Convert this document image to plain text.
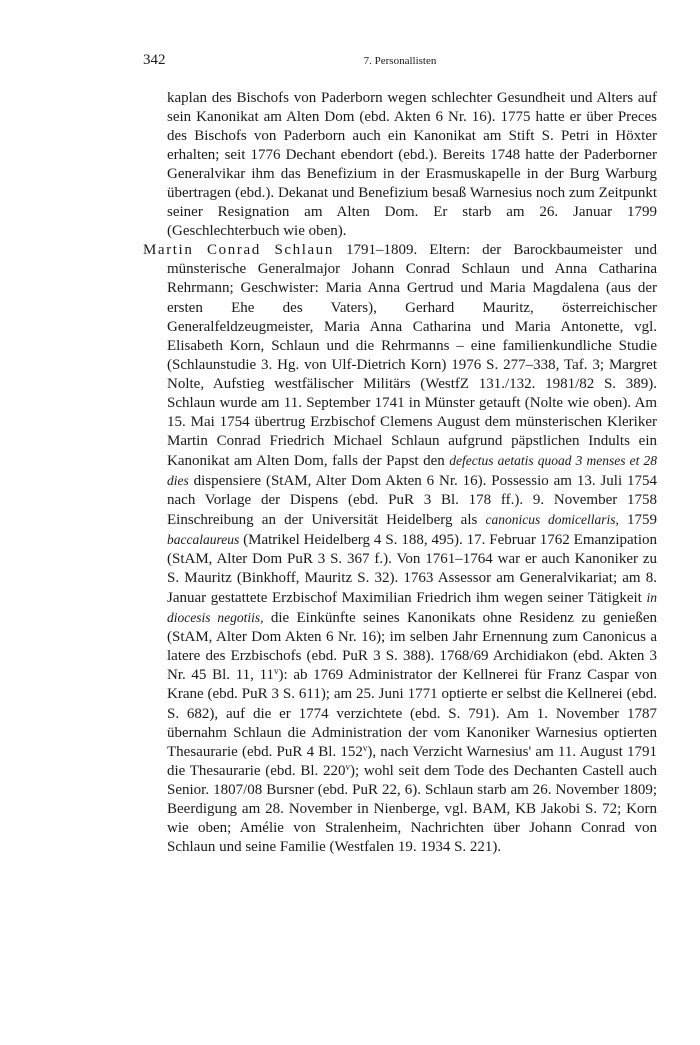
342	7. Personallisten

kaplan des Bischofs von Paderborn wegen schlechter Gesundheit und Alters auf sein Kanonikat am Alten Dom (ebd. Akten 6 Nr. 16). 1775 hatte er über Preces des Bischofs von Paderborn auch ein Kanonikat am Stift S. Petri in Höxter erhalten; seit 1776 Dechant ebendort (ebd.). Bereits 1748 hatte der Paderborner Generalvikar ihm das Benefizium in der Erasmuskapelle in der Burg Warburg übertragen (ebd.). Dekanat und Benefizium besaß Warnesius noch zum Zeitpunkt seiner Resignation am Alten Dom. Er starb am 26. Januar 1799 (Geschlechterbuch wie oben).

Martin Conrad Schlaun 1791–1809. Eltern: der Barockbaumeister und münsterische Generalmajor Johann Conrad Schlaun und Anna Catharina Rehrmann; Geschwister: Maria Anna Gertrud und Maria Magdalena (aus der ersten Ehe des Vaters), Gerhard Mauritz, österreichischer Generalfeldzeugmeister, Maria Anna Catharina und Maria Antonette, vgl. Elisabeth Korn, Schlaun und die Rehrmanns – eine familienkundliche Studie (Schlaunstudie 3. Hg. von Ulf-Dietrich Korn) 1976 S. 277–338, Taf. 3; Margret Nolte, Aufstieg westfälischer Militärs (WestfZ 131./132. 1981/82 S. 389). Schlaun wurde am 11. September 1741 in Münster getauft (Nolte wie oben). Am 15. Mai 1754 übertrug Erzbischof Clemens August dem münsterischen Kleriker Martin Conrad Friedrich Michael Schlaun aufgrund päpstlichen Indults ein Kanonikat am Alten Dom, falls der Papst den defectus aetatis quoad 3 menses et 28 dies dispensiere (StAM, Alter Dom Akten 6 Nr. 16). Possessio am 13. Juli 1754 nach Vorlage der Dispens (ebd. PuR 3 Bl. 178 ff.). 9. November 1758 Einschreibung an der Universität Heidelberg als canonicus domicellaris, 1759 baccalaureus (Matrikel Heidelberg 4 S. 188, 495). 17. Februar 1762 Emanzipation (StAM, Alter Dom PuR 3 S. 367 f.). Von 1761–1764 war er auch Kanoniker zu S. Mauritz (Binkhoff, Mauritz S. 32). 1763 Assessor am Generalvikariat; am 8. Januar gestattete Erzbischof Maximilian Friedrich ihm wegen seiner Tätigkeit in diocesis negotiis, die Einkünfte seines Kanonikats ohne Residenz zu genießen (StAM, Alter Dom Akten 6 Nr. 16); im selben Jahr Ernennung zum Canonicus a latere des Erzbischofs (ebd. PuR 3 S. 388). 1768/69 Archidiakon (ebd. Akten 3 Nr. 45 Bl. 11, 11$^v$): ab 1769 Administrator der Kellnerei für Franz Caspar von Krane (ebd. PuR 3 S. 611); am 25. Juni 1771 optierte er selbst die Kellnerei (ebd. S. 682), auf die er 1774 verzichtete (ebd. S. 791). Am 1. November 1787 übernahm Schlaun die Administration der vom Kanoniker Warnesius optierten Thesaurarie (ebd. PuR 4 Bl. 152$^v$), nach Verzicht Warnesius' am 11. August 1791 die Thesaurarie (ebd. Bl. 220$^v$); wohl seit dem Tode des Dechanten Castell auch Senior. 1807/08 Bursner (ebd. PuR 22, 6). Schlaun starb am 26. November 1809; Beerdigung am 28. November in Nienberge, vgl. BAM, KB Jakobi S. 72; Korn wie oben; Amélie von Stralenheim, Nachrichten über Johann Conrad von Schlaun und seine Familie (Westfalen 19. 1934 S. 221).
